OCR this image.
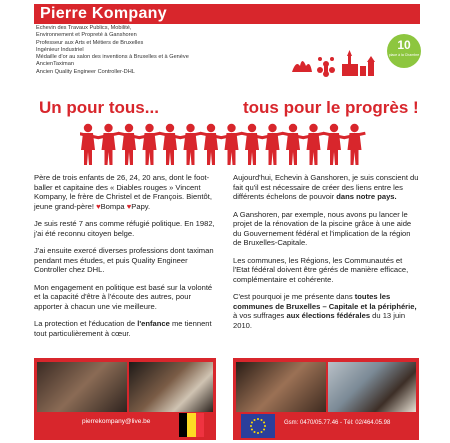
Pierre Kompany
Echevin des Travaux Publics, Mobilité,
Environnement et Propreté à Ganshoren
Professeur aux Arts et Métiers de Bruxelles
Ingénieur Industriel
Médaille d'or au salon des inventions à Bruxelles et à Genève
AncienTaximan
Ancien Quality Engineer Controller-DHL
10
place à la Chambre
Un pour tous...	tous pour le progrès !

Père de trois enfants de 26, 24, 20 ans, dont le foot-baller et capitaine des « Diables rouges » Vincent Kompany, le frère de Christel et de François. Bientôt, jeune grand-père! ♥Bompa ♥Papy.

Je suis resté 7 ans comme réfugié politique. En 1982, j'ai été reconnu citoyen belge.

J'ai ensuite exercé diverses professions dont taximan pendant mes études, et puis Quality Engineer Controller chez DHL.

Mon engagement en politique est basé sur la volonté et la capacité d'être à l'écoute des autres, pour apporter à chacun une vie meilleure.

La protection et l'éducation de l'enfance me tiennent tout particulièrement à cœur.

Aujourd'hui, Echevin à Ganshoren, je suis conscient du fait qu'il est nécessaire de créer des liens entre les différents échelons de pouvoir dans notre pays.

A Ganshoren, par exemple, nous avons pu lancer le projet de la rénovation de la piscine grâce à une aide du Gouvernement fédéral et l'implication de la région de Bruxelles-Capitale.

Les communes, les Régions, les Communautés et l'Etat fédéral doivent être gérés de manière efficace, complémentaire et cohérente.

C'est pourquoi je me présente dans toutes les communes de Bruxelles – Capitale et la périphérie, à vos suffrages aux élections fédérales du 13 juin 2010.

pierrekompany@live.be	Gsm: 0470/05.77.46 - Tél: 02/464.05.98
